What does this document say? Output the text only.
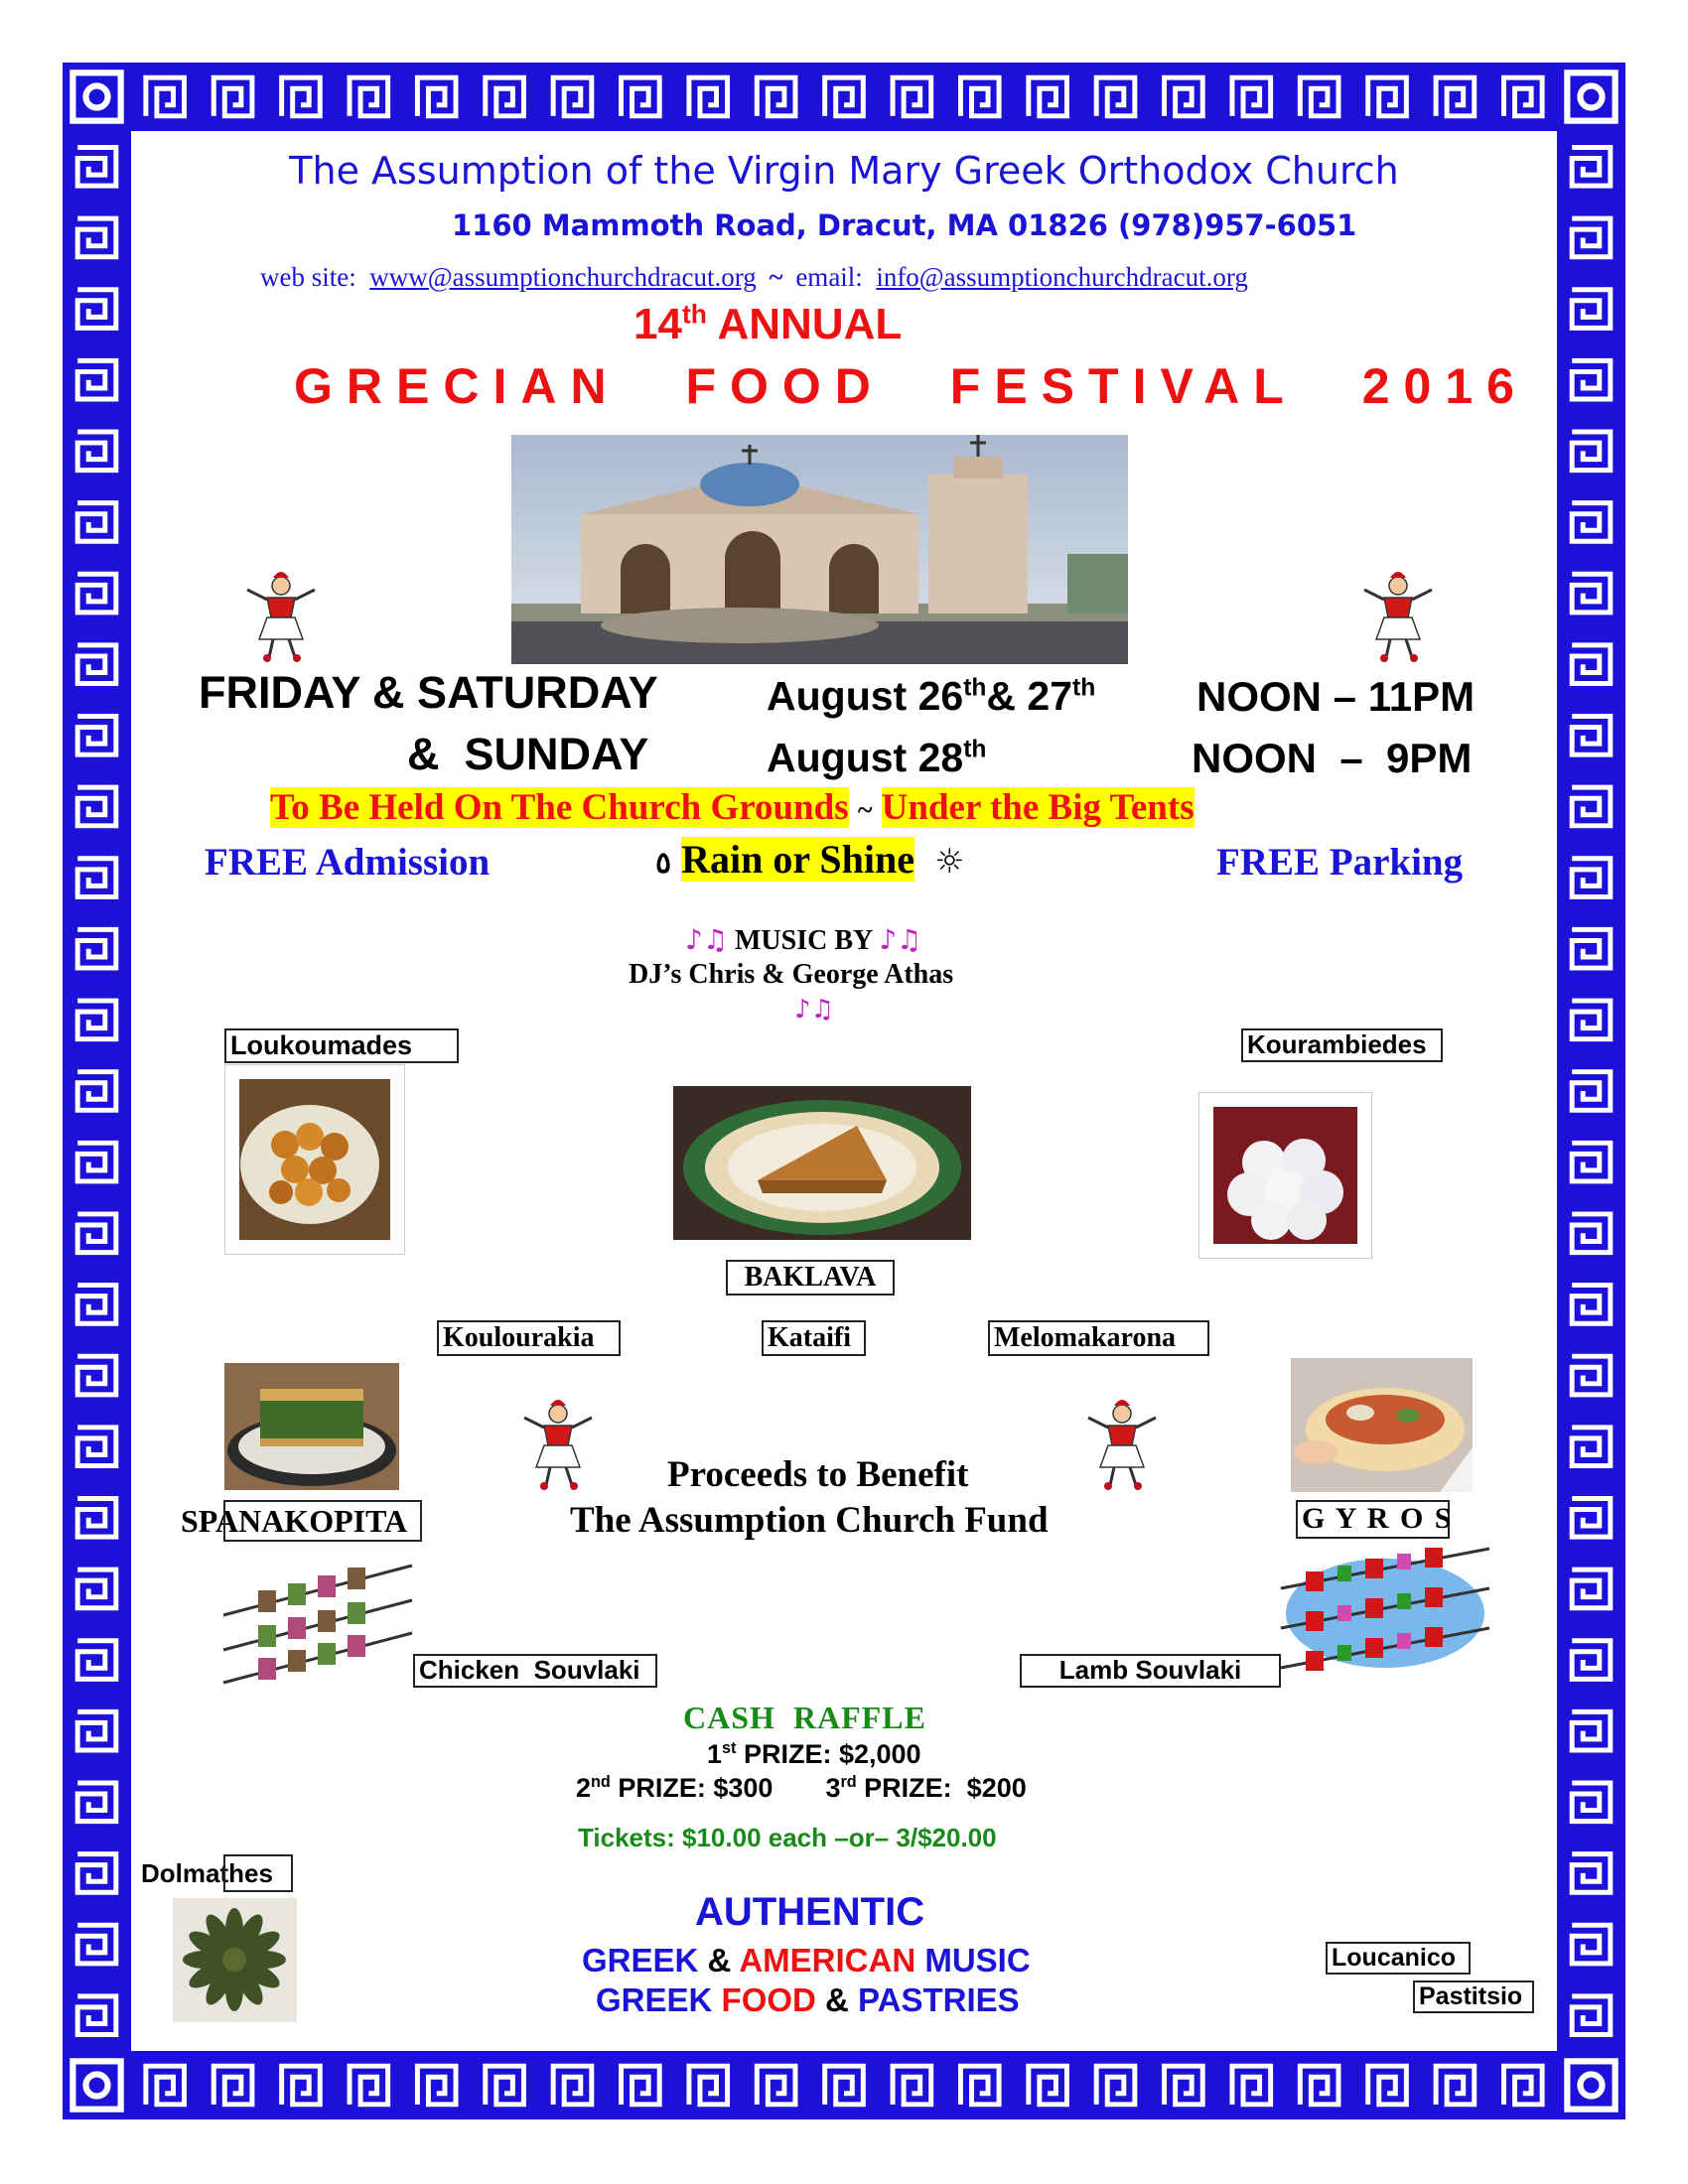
The Assumption of the Virgin Mary Greek Orthodox Church
1160 Mammoth Road, Dracut, MA 01826 (978)957-6051
web site: www@assumptionchurchdracut.org ~ email: info@assumptionchurchdracut.org
14th ANNUAL
GRECIAN FOOD FESTIVAL 2016
FRIDAY & SATURDAY	August 26th& 27th NOON – 11PM
&  SUNDAY	August 28th	NOON  –  9PM
To Be Held On The Church Grounds ~ Under the Big Tents
FREE Admission	٥ Rain or Shine ☼	FREE Parking
♪♫ MUSIC BY ♪♫
DJ’s Chris & George Athas
♪♫
Loukoumades	Kourambiedes
BAKLAVA
Koulourakia	Kataifi	Melomakarona
Proceeds to Benefit
The Assumption Church Fund
SPANAKOPITA	G Y R O S
Chicken  Souvlaki	Lamb Souvlaki
CASH  RAFFLE
1st PRIZE: $2,000
2nd PRIZE: $300 3rd PRIZE:  $200
Tickets: $10.00 each –or– 3/$20.00
Dolmathes
AUTHENTIC
GREEK & AMERICAN MUSIC
GREEK FOOD & PASTRIES
Loucanico
Pastitsio
